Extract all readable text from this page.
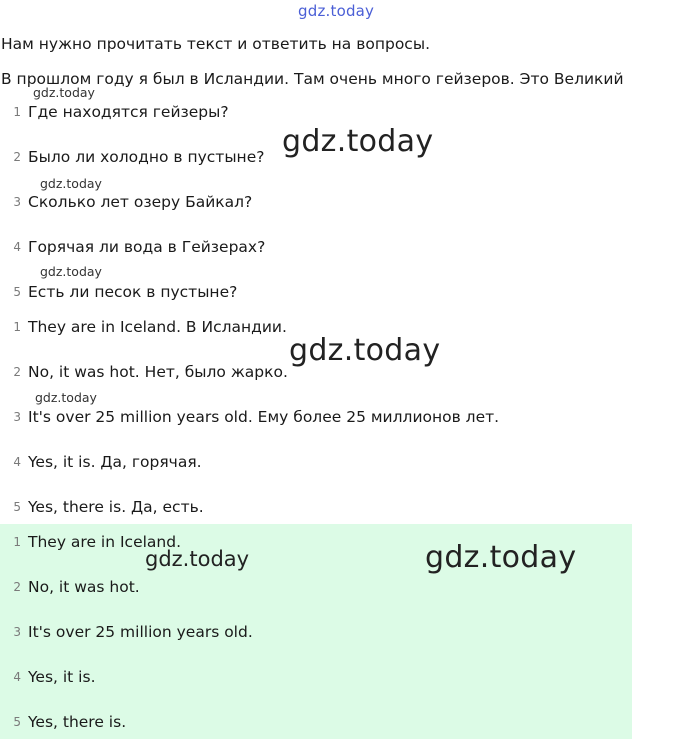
gdz.today
Нам нужно прочитать текст и ответить на вопросы.
В прошлом году я был в Исландии. Там очень много гейзеров. Это Великий
1 Где находятся гейзеры?
2 Было ли холодно в пустыне?
3 Сколько лет озеру Байкал?
4 Горячая ли вода в Гейзерах?
5 Есть ли песок в пустыне?
1 They are in Iceland. В Исландии.
2 No, it was hot. Нет, было жарко.
3 It's over 25 million years old. Ему более 25 миллионов лет.
4 Yes, it is. Да, горячая.
5 Yes, there is. Да, есть.
1 They are in Iceland.
2 No, it was hot.
3 It's over 25 million years old.
4 Yes, it is.
5 Yes, there is.
gdz.today
gdz.today
gdz.today
gdz.today
gdz.today
gdz.today
gdz.today	gdz.today
